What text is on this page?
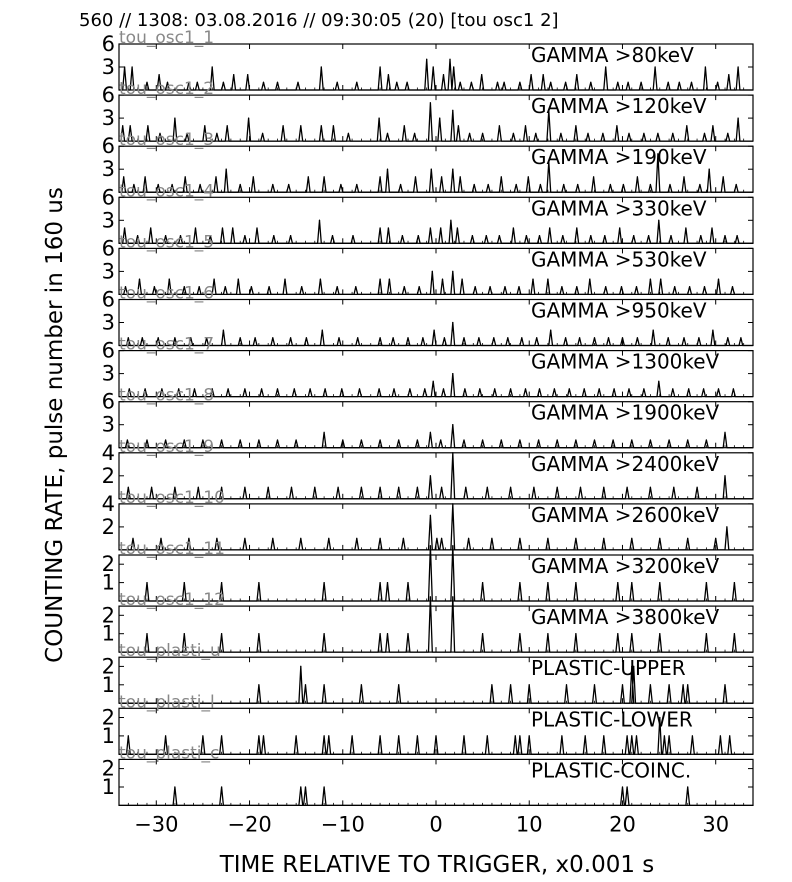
560 // 1308: 03.08.2016 // 09:30:05 (20) [tou osc1 2]
tou_osc1_1
3
6	GAMMA >80keV
tou_osc1_2
3
6	GAMMA >120keV
tou_osc1_3
3
6	GAMMA >190keV
tou_osc1_4
3
6	GAMMA >330keV
tou_osc1_5
3
6	GAMMA >530keV
tou_osc1_6
3
6	GAMMA >950keV
tou_osc1_7
3
6	GAMMA >1300keV
tou_osc1_8
3
6	GAMMA >1900keV
tou_osc1_9
2
4	GAMMA >2400keV
tou_osc1_10
2
4	GAMMA >2600keV
tou_osc1_11
1
2	GAMMA >3200keV
tou_osc1_12
1
2	GAMMA >3800keV
tou_plasti_u
1
2	PLASTIC-UPPER
tou_plasti_l
1
2	PLASTIC-LOWER
tou_plasti_c
1
2	PLASTIC-COINC.
−30 −20 −10	0	10	20	30
COUNTING RATE, pulse number in 160 us
TIME RELATIVE TO TRIGGER, x0.001 s
